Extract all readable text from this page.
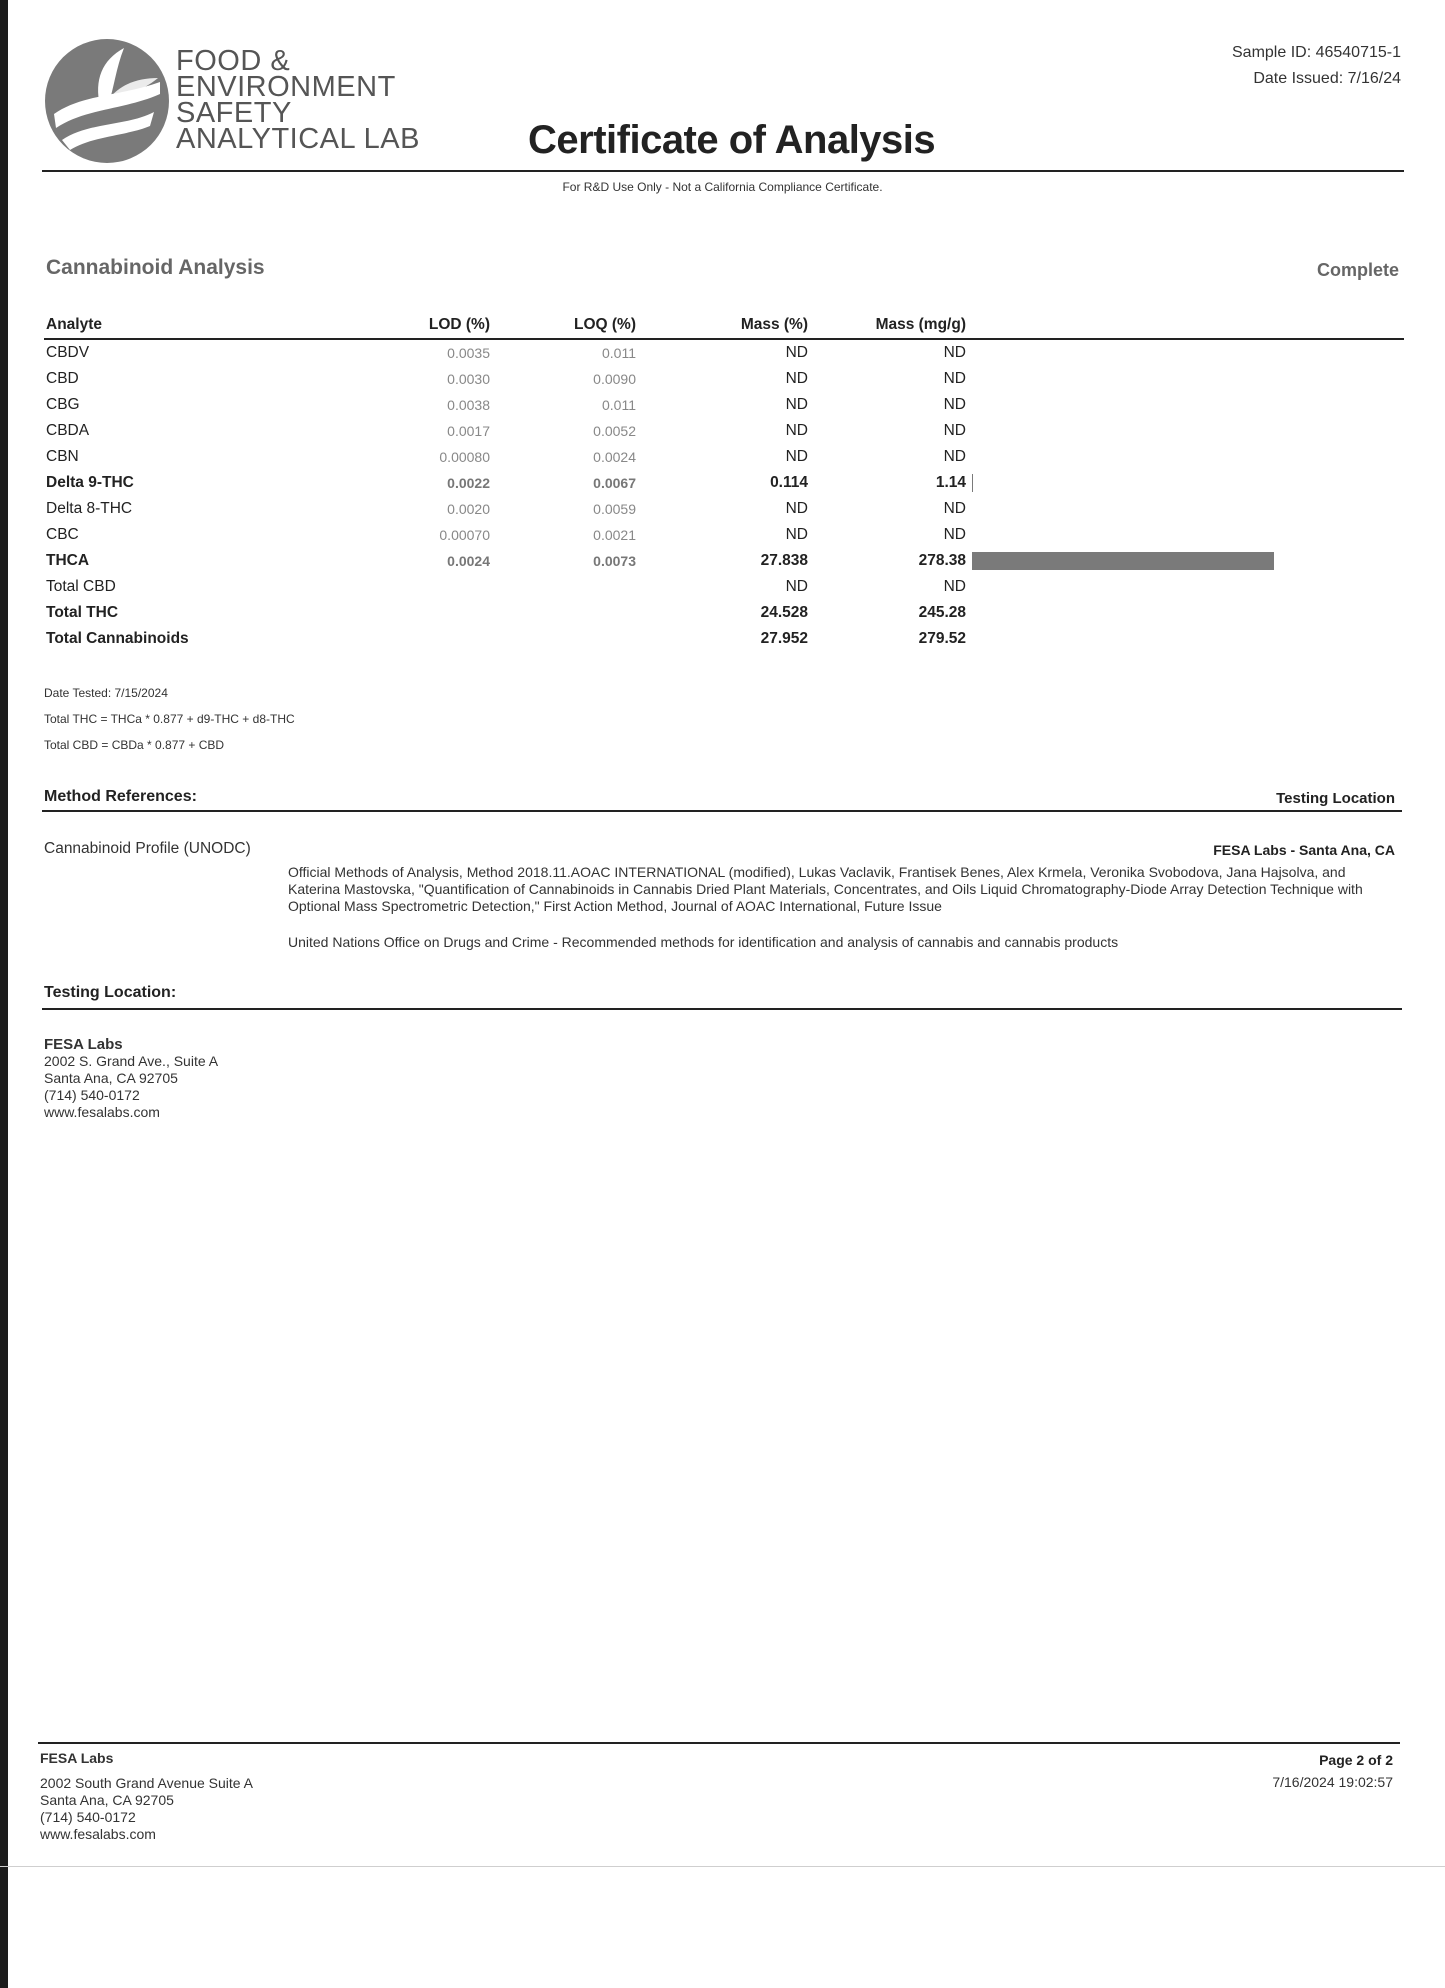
FOOD &
ENVIRONMENT
SAFETY
ANALYTICAL LAB	Certificate of Analysis
Sample ID: 46540715-1
Date Issued: 7/16/24
For R&D Use Only - Not a California Compliance Certificate.
Cannabinoid Analysis	Complete
Analyte	LOD (%)	LOQ (%)	Mass (%)	Mass (mg/g)	
CBDV	0.0035	0.011	ND	ND	
CBD	0.0030	0.0090	ND	ND	
CBG	0.0038	0.011	ND	ND	
CBDA	0.0017	0.0052	ND	ND	
CBN	0.00080	0.0024	ND	ND	
Delta 9-THC	0.0022	0.0067	0.114	1.14	
Delta 8-THC	0.0020	0.0059	ND	ND	
CBC	0.00070	0.0021	ND	ND	
THCA	0.0024	0.0073	27.838	278.38	
Total CBD			ND	ND	
Total THC			24.528	245.28	
Total Cannabinoids			27.952	279.52	
Date Tested: 7/15/2024
Total THC = THCa * 0.877 + d9-THC + d8-THC
Total CBD = CBDa * 0.877 + CBD
Method References:	Testing Location
Cannabinoid Profile (UNODC)	FESA Labs - Santa Ana, CA
Official Methods of Analysis, Method 2018.11.AOAC INTERNATIONAL (modified), Lukas Vaclavik, Frantisek Benes, Alex Krmela, Veronika Svobodova, Jana Hajsolva, and Katerina Mastovska, "Quantification of Cannabinoids in Cannabis Dried Plant Materials, Concentrates, and Oils Liquid Chromatography-Diode Array Detection Technique with Optional Mass Spectrometric Detection," First Action Method, Journal of AOAC International, Future Issue
United Nations Office on Drugs and Crime - Recommended methods for identification and analysis of cannabis and cannabis products
Testing Location:
FESA Labs
2002 S. Grand Ave., Suite A
Santa Ana, CA 92705
(714) 540-0172
www.fesalabs.com
FESA Labs
2002 South Grand Avenue Suite A
Santa Ana, CA 92705
(714) 540-0172
www.fesalabs.com
Page 2 of 2
7/16/2024 19:02:57
